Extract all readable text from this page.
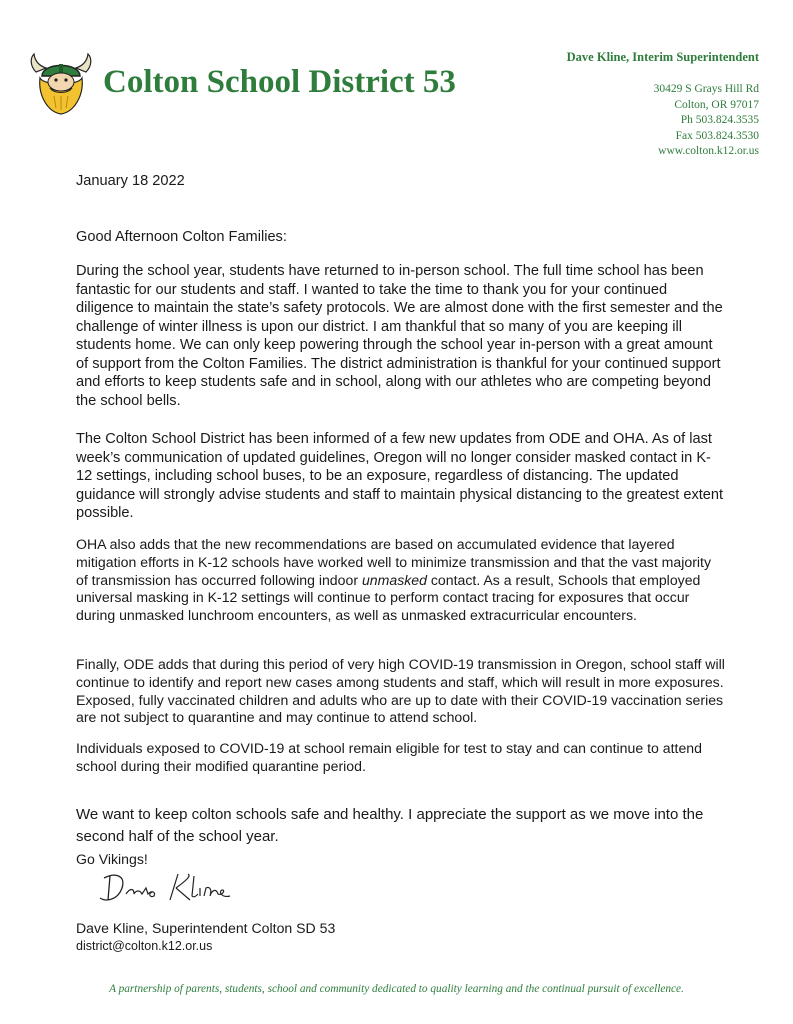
Colton School District 53
Dave Kline, Interim Superintendent
30429 S Grays Hill Rd
Colton, OR 97017
Ph 503.824.3535
Fax 503.824.3530
www.colton.k12.or.us
January 18 2022
Good Afternoon Colton Families:

During the school year, students have returned to in-person school. The full time school has been fantastic for our students and staff. I wanted to take the time to thank you for your continued diligence to maintain the state’s safety protocols. We are almost done with the first semester and the challenge of winter illness is upon our district. I am thankful that so many of you are keeping ill students home. We can only keep powering through the school year in-person with a great amount of support from the Colton Families. The district administration is thankful for your continued support and efforts to keep students safe and in school, along with our athletes who are competing beyond the school bells.

The Colton School District has been informed of a few new updates from ODE and OHA. As of last week’s communication of updated guidelines, Oregon will no longer consider masked contact in K-12 settings, including school buses, to be an exposure, regardless of distancing. The updated guidance will strongly advise students and staff to maintain physical distancing to the greatest extent possible.

OHA also adds that the new recommendations are based on accumulated evidence that layered mitigation efforts in K-12 schools have worked well to minimize transmission and that the vast majority of transmission has occurred following indoor unmasked contact. As a result, Schools that employed universal masking in K-12 settings will continue to perform contact tracing for exposures that occur during unmasked lunchroom encounters, as well as unmasked extracurricular encounters.

Finally, ODE adds that during this period of very high COVID-19 transmission in Oregon, school staff will continue to identify and report new cases among students and staff, which will result in more exposures. Exposed, fully vaccinated children and adults who are up to date with their COVID-19 vaccination series are not subject to quarantine and may continue to attend school.

Individuals exposed to COVID-19 at school remain eligible for test to stay and can continue to attend school during their modified quarantine period.

We want to keep colton schools safe and healthy. I appreciate the support as we move into the second half of the school year.

Go Vikings!
Dave Kline, Superintendent Colton SD 53
district@colton.k12.or.us
A partnership of parents, students, school and community dedicated to quality learning and the continual pursuit of excellence.
